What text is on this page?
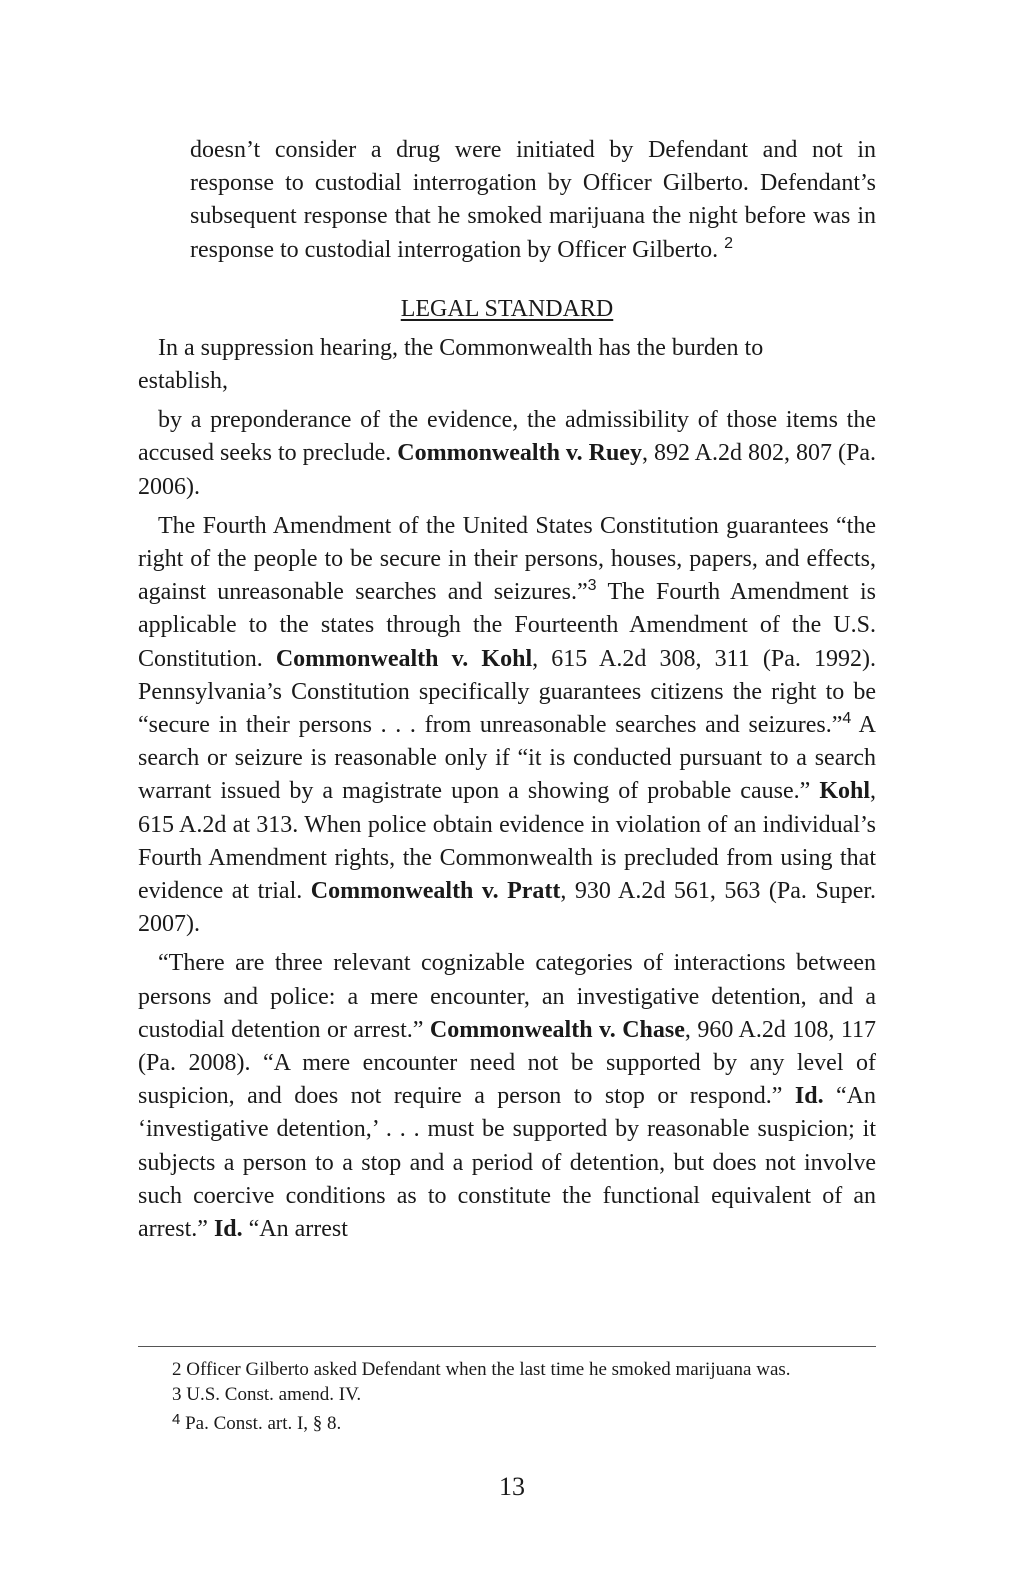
doesn’t consider a drug were initiated by Defendant and not in response to custodial interrogation by Officer Gilberto. Defendant’s subsequent response that he smoked marijuana the night before was in response to custodial interrogation by Officer Gilberto. $^2$

LEGAL STANDARD

In a suppression hearing, the Commonwealth has the burden to
establish,

by a preponderance of the evidence, the admissibility of those items the accused seeks to preclude. Commonwealth v. Ruey, 892 A.2d 802, 807 (Pa. 2006).

The Fourth Amendment of the United States Constitution guarantees “the right of the people to be secure in their persons, houses, papers, and effects, against unreasonable searches and seizures.”$^3$ The Fourth Amendment is applicable to the states through the Fourteenth Amendment of the U.S. Constitution. Commonwealth v. Kohl, 615 A.2d 308, 311 (Pa. 1992). Pennsylvania’s Constitution specifically guarantees citizens the right to be “secure in their persons . . . from unreasonable searches and seizures.”$^4$ A search or seizure is reasonable only if “it is conducted pursuant to a search warrant issued by a magistrate upon a showing of probable cause.” Kohl, 615 A.2d at 313. When police obtain evidence in violation of an individual’s Fourth Amendment rights, the Commonwealth is precluded from using that evidence at trial. Commonwealth v. Pratt, 930 A.2d 561, 563 (Pa. Super. 2007).

“There are three relevant cognizable categories of interactions between persons and police: a mere encounter, an investigative detention, and a custodial detention or arrest.” Commonwealth v. Chase, 960 A.2d 108, 117 (Pa. 2008). “A mere encounter need not be supported by any level of suspicion, and does not require a person to stop or respond.” Id. “An ‘investigative detention,’ . . . must be supported by reasonable suspicion; it subjects a person to a stop and a period of detention, but does not involve such coercive conditions as to constitute the functional equivalent of an arrest.” Id. “An arrest

2 Officer Gilberto asked Defendant when the last time he smoked marijuana was.
3 U.S. Const. amend. IV.
$^4$ Pa. Const. art. I, § 8.
13
